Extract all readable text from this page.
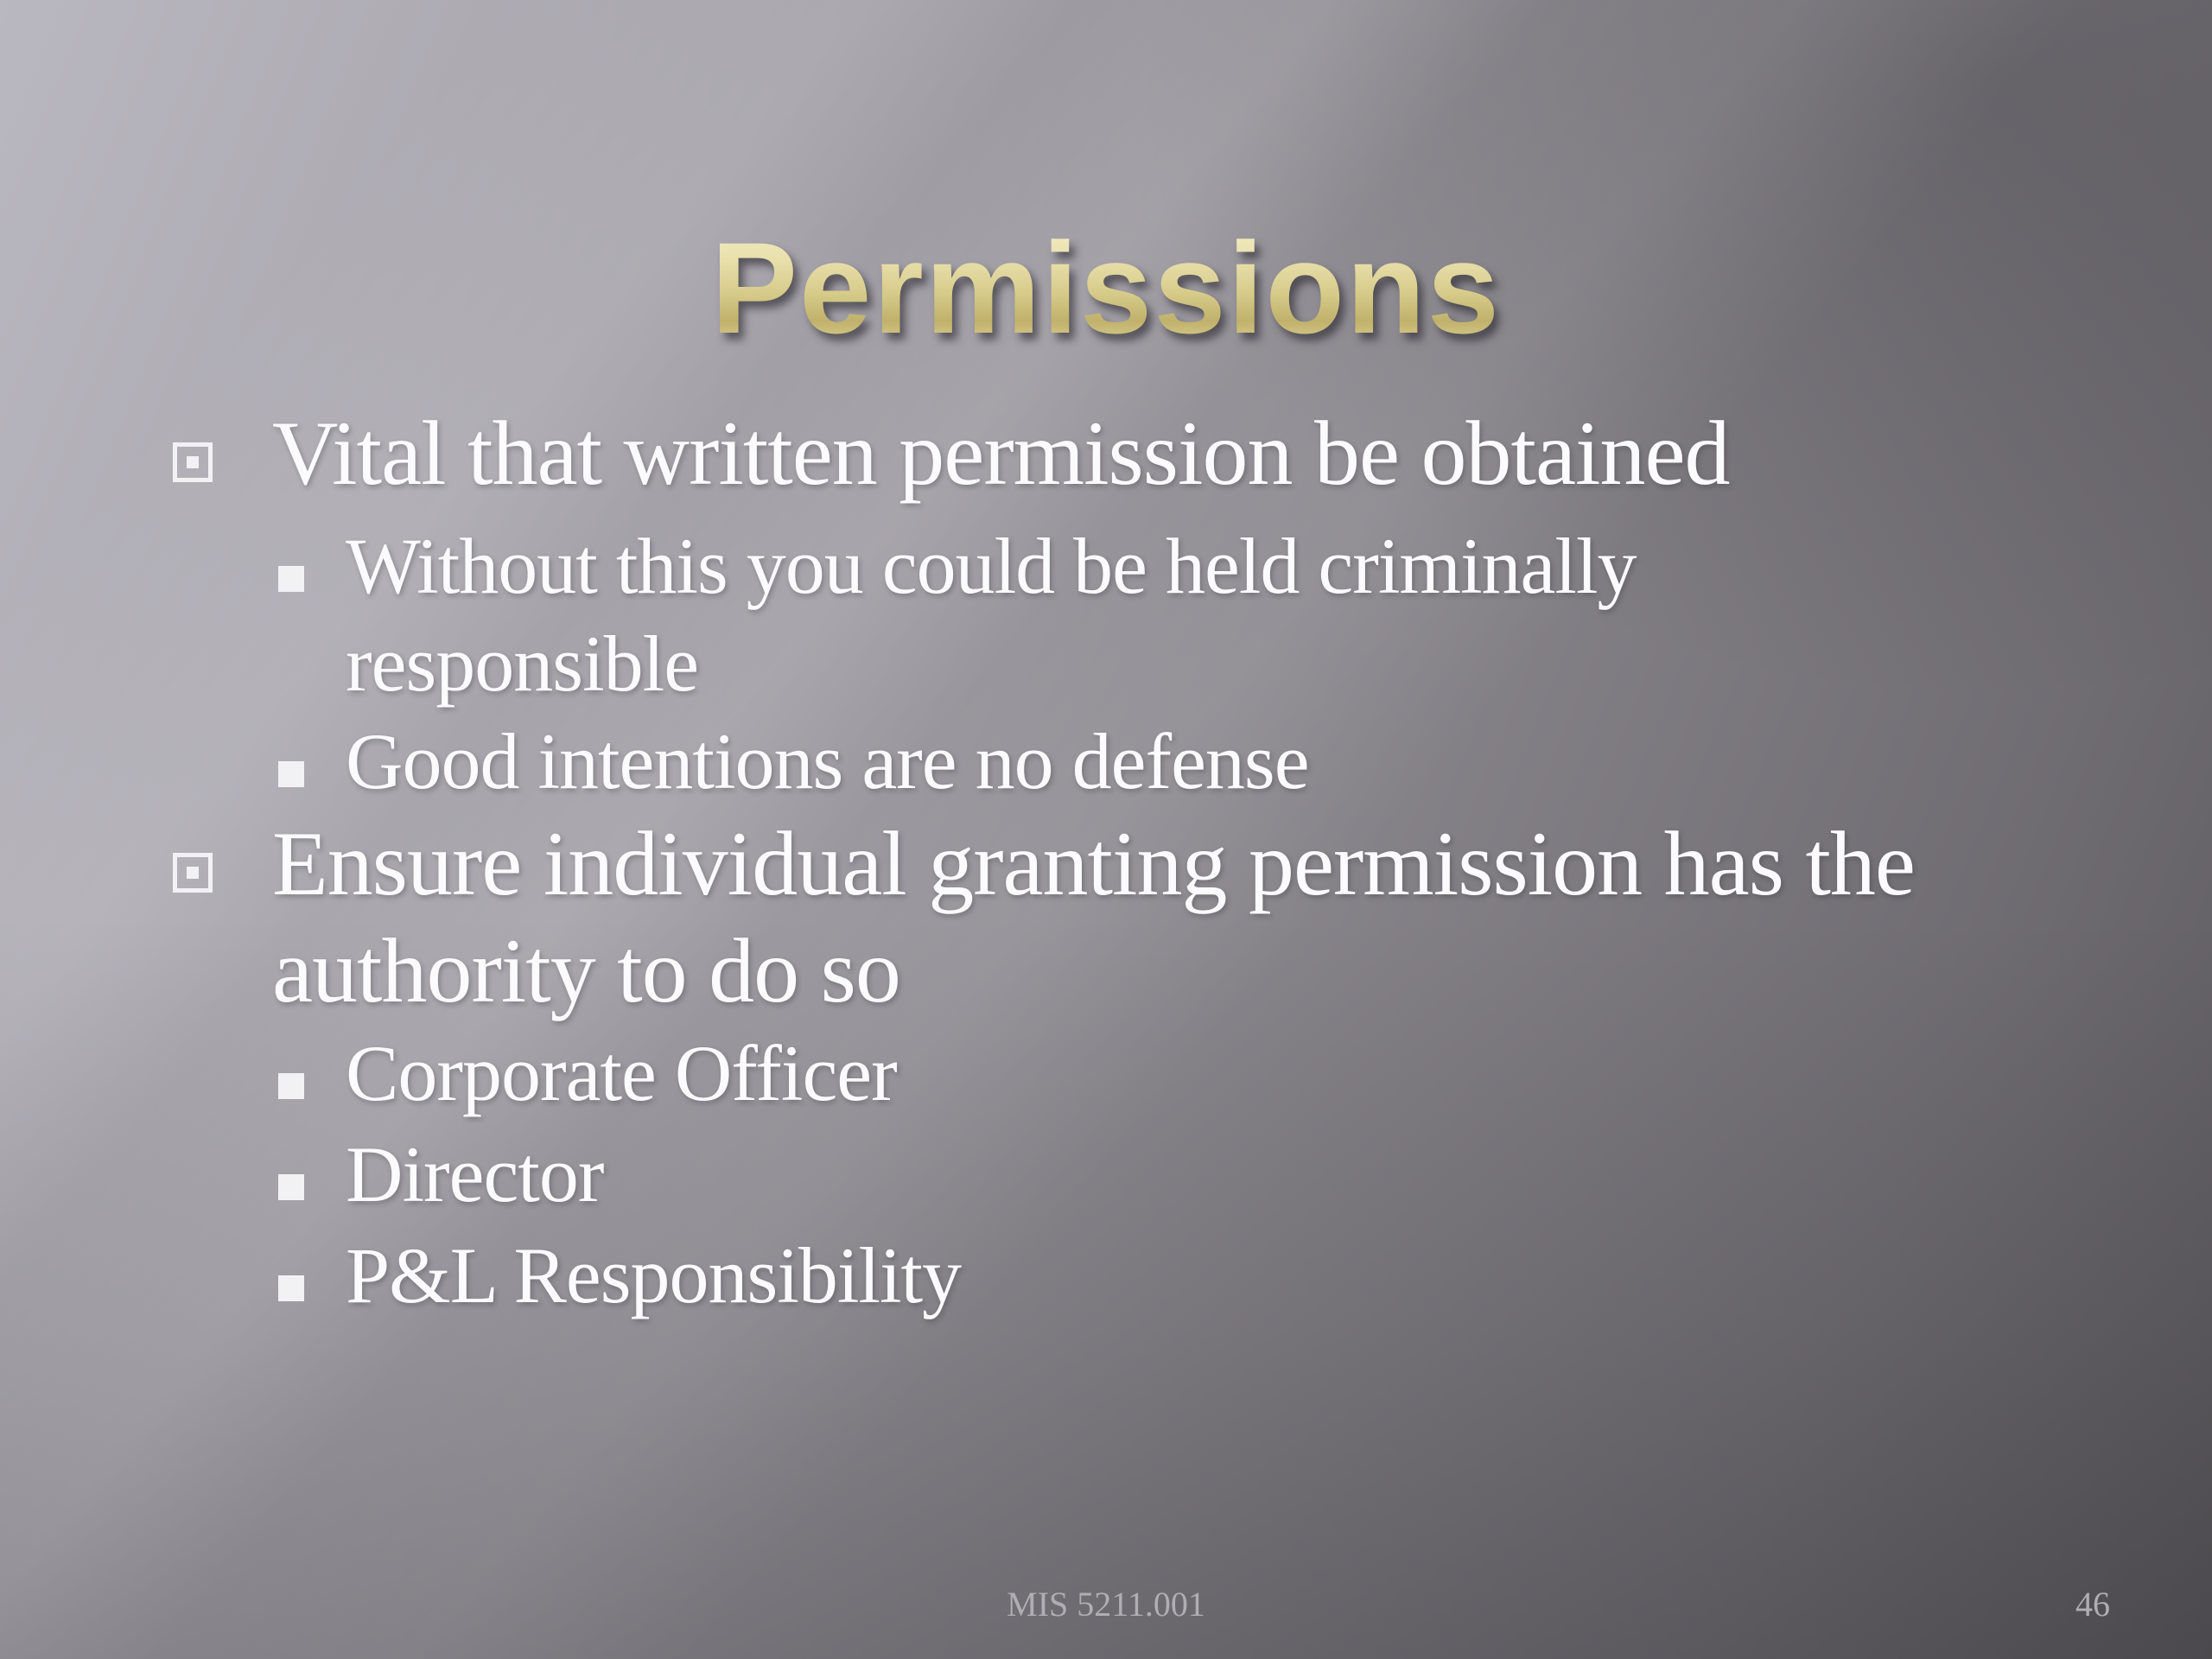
Permissions
Vital that written permission be obtained
Without this you could be held criminally
responsible
Good intentions are no defense
Ensure individual granting permission has the
authority to do so
Corporate Officer
Director
P&L Responsibility
MIS 5211.001	46
